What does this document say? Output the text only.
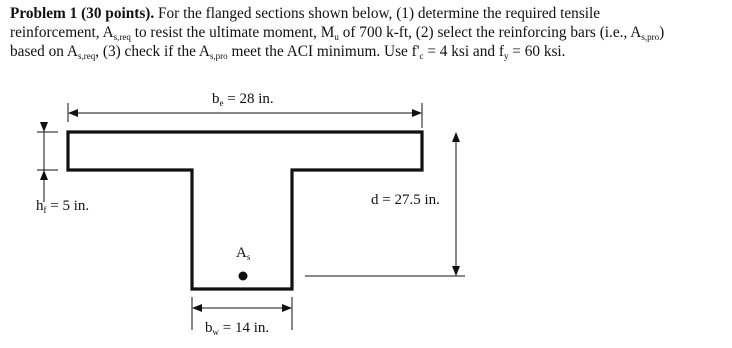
Problem 1 (30 points). For the flanged sections shown below, (1) determine the required tensile
reinforcement, $A_{s,req}$ to resist the ultimate moment, $M_u$ of 700 k-ft, (2) select the reinforcing bars (i.e., $A_{s,pro}$)
based on $A_{s,req}$, (3) check if the $A_{s,pro}$ meet the ACI minimum. Use $f'_c = 4$ ksi and $f_y = 60$ ksi.
$b_e = 28$ in.
$h_f = 5$ in.	d = 27.5 in.
$A_s$
$b_w = 14$ in.
